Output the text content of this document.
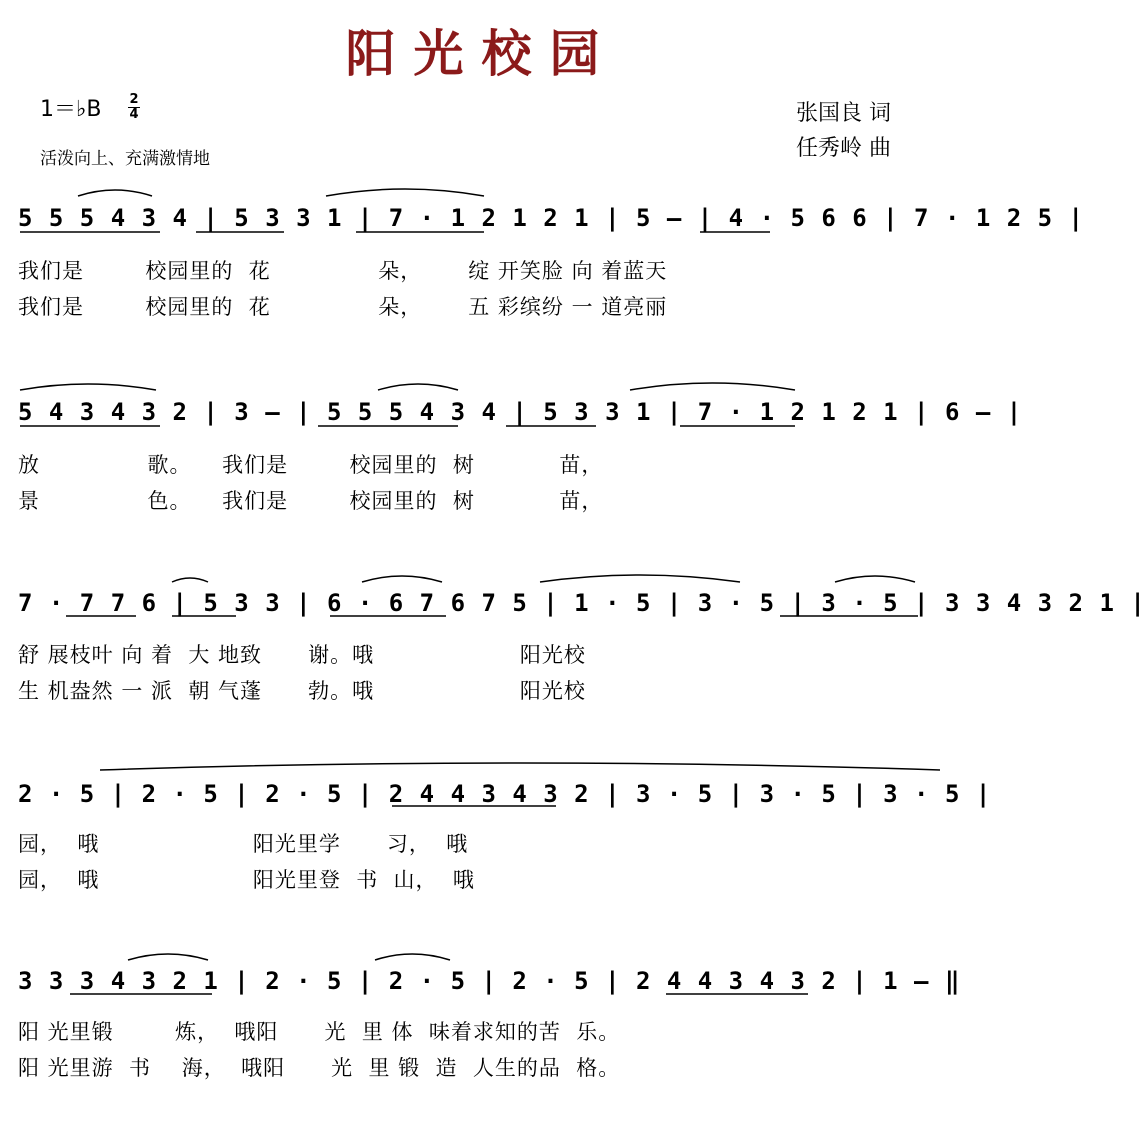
阳光校园
1＝♭B 2
4
活泼向上、充满激情地
张国良 词
任秀岭 曲
5 5 5 4 3 4 | 5 3 3 1 | 7 · 1 2 1 2 1 | 5 — | 4 · 5 6 6 | 7 · 1 2 5 |
我们是        校园里的  花              朵，      绽 开笑脸 向 着蓝天
我们是        校园里的  花              朵，      五 彩缤纷 一 道亮丽
5 4 3 4 3 2 | 3 — | 5 5 5 4 3 4 | 5 3 3 1 | 7 · 1 2 1 2 1 | 6 — |
放              歌。    我们是        校园里的  树           苗，
景              色。    我们是        校园里的  树           苗，
7 · 7 7 6 | 5 3 3 | 6 · 6 7 6 7 5 | 1 · 5 | 3 · 5 | 3 · 5 | 3 3 4 3 2 1 |
舒 展枝叶 向 着  大 地致      谢。哦                   阳光校
生 机盎然 一 派  朝 气蓬      勃。哦                   阳光校
2 · 5 | 2 · 5 | 2 · 5 | 2 4 4 3 4 3 2 | 3 · 5 | 3 · 5 | 3 · 5 |
园，  哦                    阳光里学      习，  哦
园，  哦                    阳光里登  书  山，  哦
3 3 3 4 3 2 1 | 2 · 5 | 2 · 5 | 2 · 5 | 2 4 4 3 4 3 2 | 1 — ‖
阳 光里锻        炼，  哦阳      光  里 体  味着求知的苦  乐。
阳 光里游  书    海，  哦阳      光  里 锻  造  人生的品  格。
